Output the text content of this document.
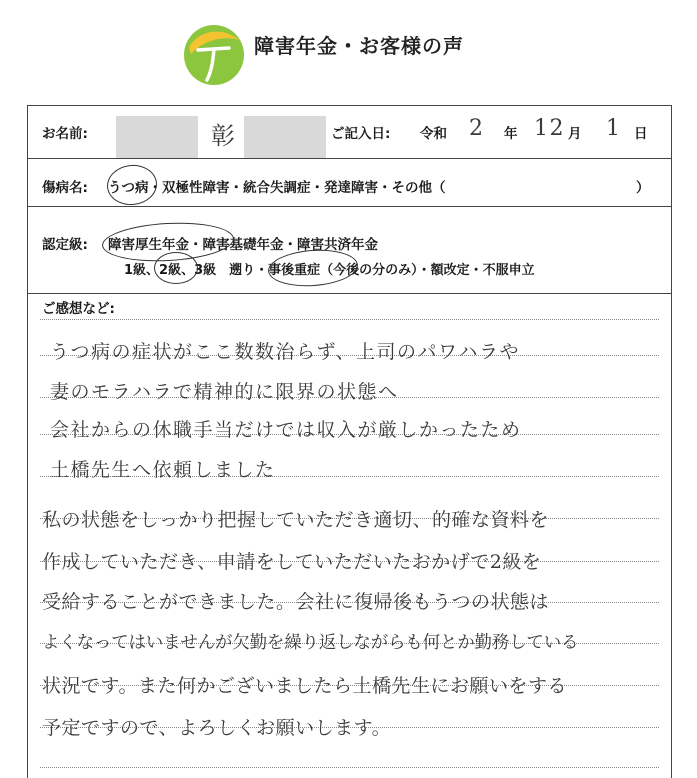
障害年金・お客様の声
お名前:	彰	ご記入日: 令和 2 年 12 月 1 日
傷病名: うつ病・双極性障害・統合失調症・発達障害・その他（	）
認定級: 障害厚生年金・障害基礎年金・障害共済年金
1級、2級、3級　遡り・事後重症（今後の分のみ）・額改定・不服申立
ご感想など:
うつ病の症状がここ数数治らず、上司のパワハラや
妻のモラハラで精神的に限界の状態へ
会社からの休職手当だけでは収入が厳しかったため
土橋先生へ依頼しました
私の状態をしっかり把握していただき適切、的確な資料を
作成していただき、申請をしていただいたおかげで2級を
受給することができました。会社に復帰後もうつの状態は
よくなってはいませんが欠勤を繰り返しながらも何とか勤務している
状況です。また何かございましたら土橋先生にお願いをする
予定ですので、よろしくお願いします。
